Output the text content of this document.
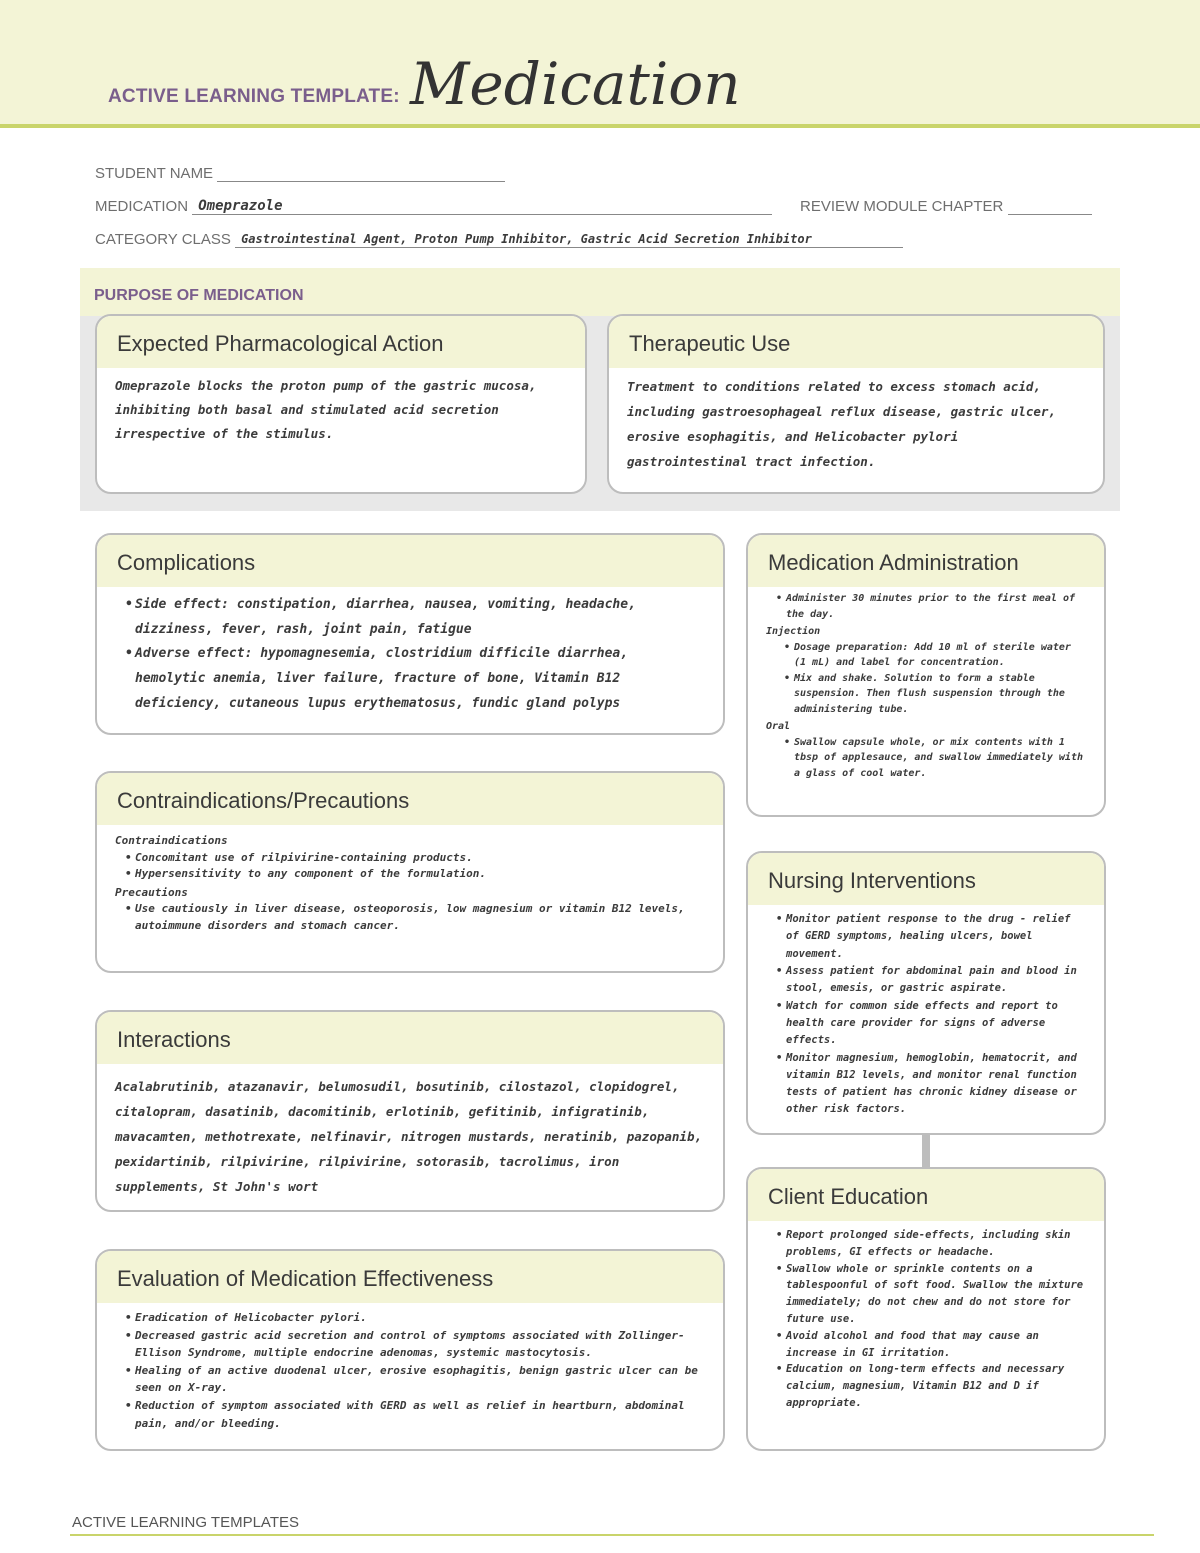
ACTIVE LEARNING TEMPLATE: Medication
STUDENT NAME
MEDICATION Omeprazole	REVIEW MODULE CHAPTER
CATEGORY CLASS Gastrointestinal Agent, Proton Pump Inhibitor, Gastric Acid Secretion Inhibitor
PURPOSE OF MEDICATION
Expected Pharmacological Action
Omeprazole blocks the proton pump of the gastric mucosa, inhibiting both basal and stimulated acid secretion irrespective of the stimulus.
Therapeutic Use
Treatment to conditions related to excess stomach acid, including gastroesophageal reflux disease, gastric ulcer, erosive esophagitis, and Helicobacter pylori gastrointestinal tract infection.
Complications
• Side effect: constipation, diarrhea, nausea, vomiting, headache, dizziness, fever, rash, joint pain, fatigue
• Adverse effect: hypomagnesemia, clostridium difficile diarrhea, hemolytic anemia, liver failure, fracture of bone, Vitamin B12 deficiency, cutaneous lupus erythematosus, fundic gland polyps
Medication Administration
• Administer 30 minutes prior to the first meal of the day.
Injection
• Dosage preparation: Add 10 ml of sterile water (1 mL) and label for concentration.
• Mix and shake. Solution to form a stable suspension. Then flush suspension through the administering tube.
Oral
• Swallow capsule whole, or mix contents with 1 tbsp of applesauce, and swallow immediately with a glass of cool water.
Contraindications/Precautions
Contraindications
• Concomitant use of rilpivirine-containing products.
• Hypersensitivity to any component of the formulation.
Precautions
• Use cautiously in liver disease, osteoporosis, low magnesium or vitamin B12 levels, autoimmune disorders and stomach cancer.
Nursing Interventions
• Monitor patient response to the drug - relief of GERD symptoms, healing ulcers, bowel movement.
• Assess patient for abdominal pain and blood in stool, emesis, or gastric aspirate.
• Watch for common side effects and report to health care provider for signs of adverse effects.
• Monitor magnesium, hemoglobin, hematocrit, and vitamin B12 levels, and monitor renal function tests of patient has chronic kidney disease or other risk factors.
Interactions
Acalabrutinib, atazanavir, belumosudil, bosutinib, cilostazol, clopidogrel, citalopram, dasatinib, dacomitinib, erlotinib, gefitinib, infigratinib, mavacamten, methotrexate, nelfinavir, nitrogen mustards, neratinib, pazopanib, pexidartinib, rilpivirine, rilpivirine, sotorasib, tacrolimus, iron supplements, St John's wort	Client Education
• Report prolonged side-effects, including skin problems, GI effects or headache.
• Swallow whole or sprinkle contents on a tablespoonful of soft food. Swallow the mixture immediately; do not chew and do not store for future use.
• Avoid alcohol and food that may cause an increase in GI irritation.
• Education on long-term effects and necessary calcium, magnesium, Vitamin B12 and D if appropriate.
Evaluation of Medication Effectiveness
• Eradication of Helicobacter pylori.
• Decreased gastric acid secretion and control of symptoms associated with Zollinger-Ellison Syndrome, multiple endocrine adenomas, systemic mastocytosis.
• Healing of an active duodenal ulcer, erosive esophagitis, benign gastric ulcer can be seen on X-ray.
• Reduction of symptom associated with GERD as well as relief in heartburn, abdominal pain, and/or bleeding.
ACTIVE LEARNING TEMPLATES
